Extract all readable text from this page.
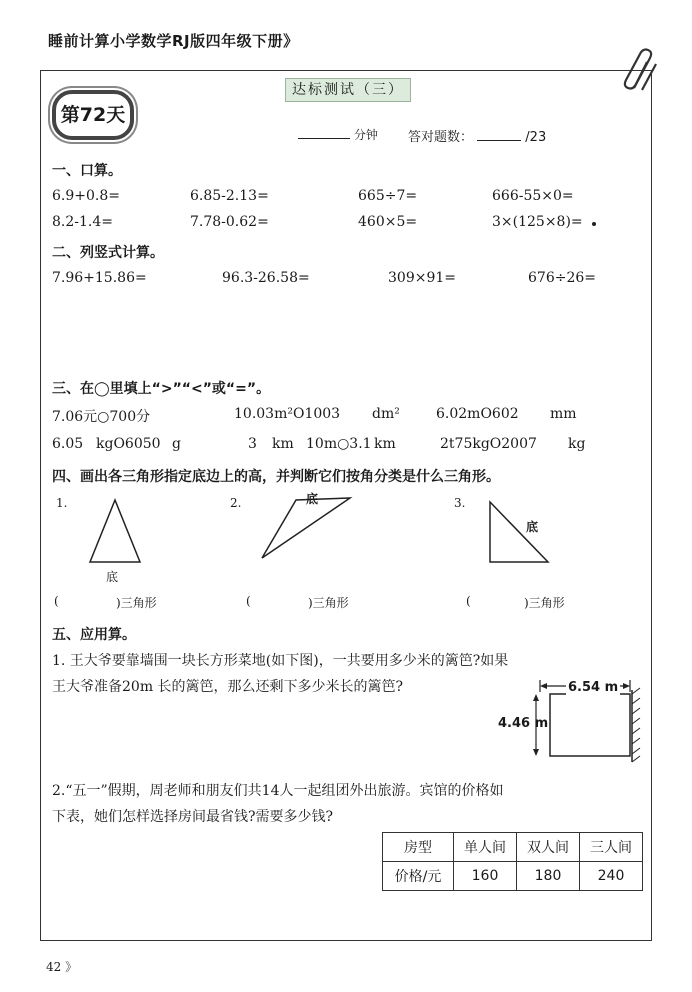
睡前计算小学数学RJ版四年级下册》
第72天
达标测试（三）
分钟 答对题数：	/23
一、口算。
6.9+0.8=	6.85-2.13=	665÷7=	666-55×0=
8.2-1.4=	7.78-0.62=	460×5=	3×(125×8)=
二、列竖式计算。
7.96+15.86=	96.3-26.58=	309×91=	676÷26=
三、在◯里填上“>”“<”或“=”。
7.06元○700分	10.03m²O1003 dm²	6.02mO602 mm
6.05 kgO6050 g	3 km 10m○3.1 km	2t75kgO2007 kg
四、画出各三角形指定底边上的高，并判断它们按角分类是什么三角形。
1.	2.	3.
底
底
底
(	)三角形	(	)三角形	(	)三角形
五、应用算。
1. 王大爷要靠墙围一块长方形菜地(如下图)，一共要用多少米的篱笆?如果
王大爷准备20m 长的篱笆，那么还剩下多少米长的篱笆?	6.54 m
4.46 m
2.“五一”假期，周老师和朋友们共14人一起组团外出旅游。宾馆的价格如
下表，她们怎样选择房间最省钱?需要多少钱?
房型	单人间	双人间	三人间
价格/元	160	180	240
42 》
